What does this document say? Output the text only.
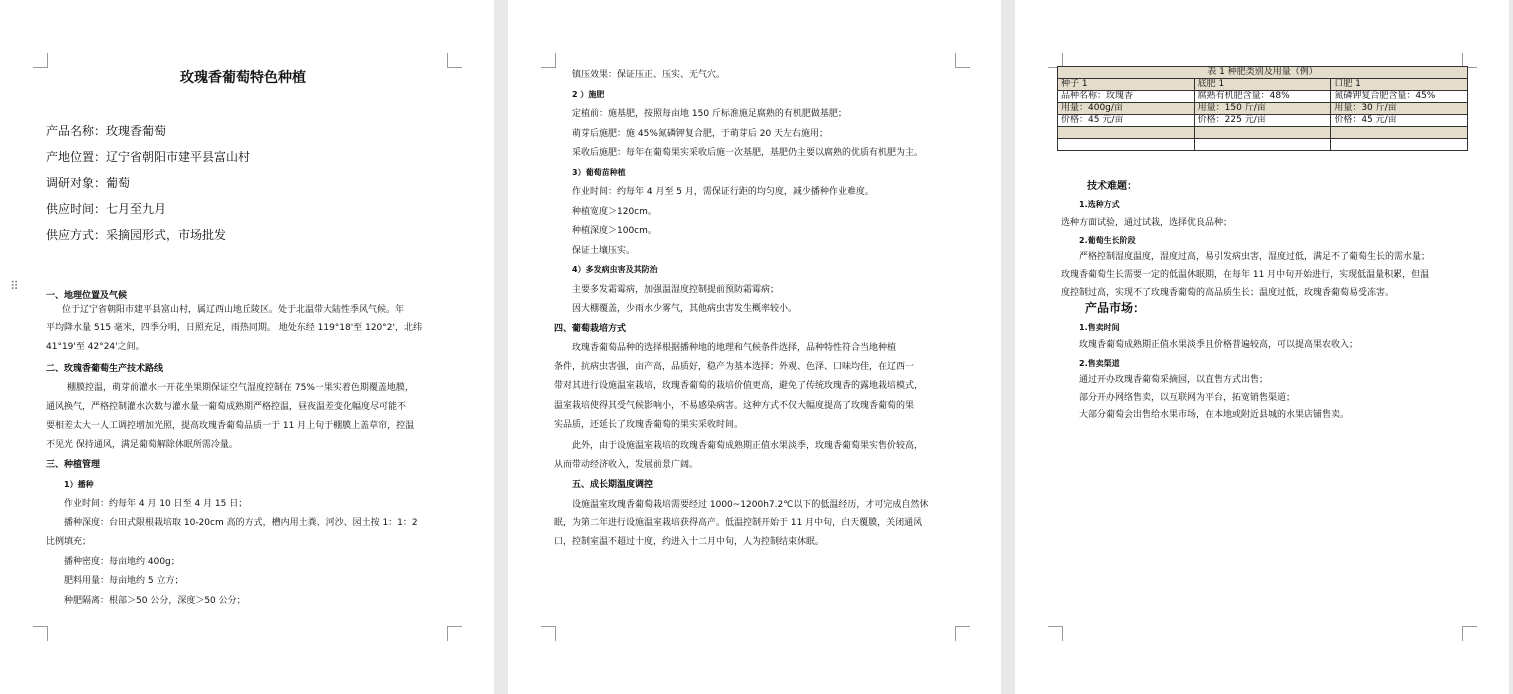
⠿
玫瑰香葡萄特色种植
产品名称：玫瑰香葡萄
产地位置：辽宁省朝阳市建平县富山村
调研对象：葡萄
供应时间：七月至九月
供应方式：采摘园形式，市场批发
一、地理位置及气候
位于辽宁省朝阳市建平县富山村，属辽西山地丘陵区。处于北温带大陆性季风气候。年
平均降水量 515 毫米，四季分明，日照充足，雨热同期。 地处东经 119°18'至 120°2'，北纬
41°19'至 42°24'之间。
二、玫瑰香葡萄生产技术路线
棚膜控温，萌芽前灌水一开花坐果期保证空气湿度控制在 75%一果实着色期覆盖地膜，
通风换气，严格控制灌水次数与灌水量一葡萄成熟期严格控温，昼夜温差变化幅度尽可能不
要相差太大一人工调控增加光照，提高玫瑰香葡萄品质一于 11 月上旬于棚膜上盖草帘，控温
不见光 保持通风，满足葡萄解除休眠所需冷量。
三、种植管理
1）播种
作业时间：约每年 4 月 10 日至 4 月 15 日；
播种深度：台田式限根栽培取 10-20cm 高的方式，槽内用土粪、河沙、园土按 1：1：2
比例填充；
播种密度：每亩地约 400g；
肥料用量：每亩地约 5 立方；
种肥隔离：根部＞50 公分，深度＞50 公分；
镇压效果：保证压正、压实、无气穴。
2 ）施肥
定植前：施基肥，按照每亩地 150 斤标准施足腐熟的有机肥做基肥；
萌芽后施肥：施 45%氮磷钾复合肥，于萌芽后 20 天左右施用；
采收后施肥：每年在葡萄果实采收后施一次基肥，基肥仍主要以腐熟的优质有机肥为主。
3）葡萄苗种植
作业时间：约每年 4 月至 5 月，需保证行距的均匀度，减少播种作业难度。
种植宽度＞120cm。
种植深度＞100cm。
保证土壤压实。
4）多发病虫害及其防治
主要多发霜霉病，加强温湿度控制提前预防霜霉病；
因大棚覆盖，少雨水少雾气，其他病虫害发生概率较小。
四、葡萄栽培方式
玫瑰香葡萄品种的选择根据播种地的地理和气候条件选择，品种特性符合当地种植
条件，抗病虫害强，亩产高，品质好，稳产为基本选择；外观、色泽、口味均佳，在辽西一
带对其进行设施温室栽培，玫瑰香葡萄的栽培价值更高，避免了传统玫瑰香的露地栽培模式，
温室栽培使得其受气候影响小，不易感染病害。这种方式不仅大幅度提高了玫瑰香葡萄的果
实品质，还延长了玫瑰香葡萄的果实采收时间。
此外，由于设施温室栽培的玫瑰香葡萄成熟期正值水果淡季，玫瑰香葡萄果实售价较高，
从而带动经济收入，发展前景广阔。
五、成长期温度调控
设施温室玫瑰香葡萄栽培需要经过 1000~1200h7.2℃以下的低温经历，才可完成自然休
眠，为第二年进行设施温室栽培获得高产。低温控制开始于 11 月中旬，白天覆膜，关闭通风
口，控制室温不超过十度，约进入十二月中旬，人为控制结束休眠。
表 1 种肥类别及用量（例）		
种子 1	底肥 1	口肥 1
品种名称：玫瑰香	腐熟有机肥含量：48%	氮磷钾复合肥含量：45%
用量：400g/亩	用量：150 斤/亩	用量：30 斤/亩
价格：45 元/亩	价格：225 元/亩	价格：45 元/亩

技术难题：
1.选种方式
选种方面试验，通过试栽，选择优良品种；
2.葡萄生长阶段
严格控制湿度温度，湿度过高，易引发病虫害，湿度过低，满足不了葡萄生长的需水量；
玫瑰香葡萄生长需要一定的低温休眠期，在每年 11 月中旬开始进行，实现低温量积累，但温
度控制过高，实现不了玫瑰香葡萄的高品质生长；温度过低，玫瑰香葡萄易受冻害。
产品市场：
1.售卖时间
玫瑰香葡萄成熟期正值水果淡季且价格普遍较高，可以提高果农收入；
2.售卖渠道
通过开办玫瑰香葡萄采摘园，以直售方式出售；
部分开办网络售卖，以互联网为平台，拓宽销售渠道；
大部分葡萄会出售给水果市场，在本地或附近县城的水果店铺售卖。
